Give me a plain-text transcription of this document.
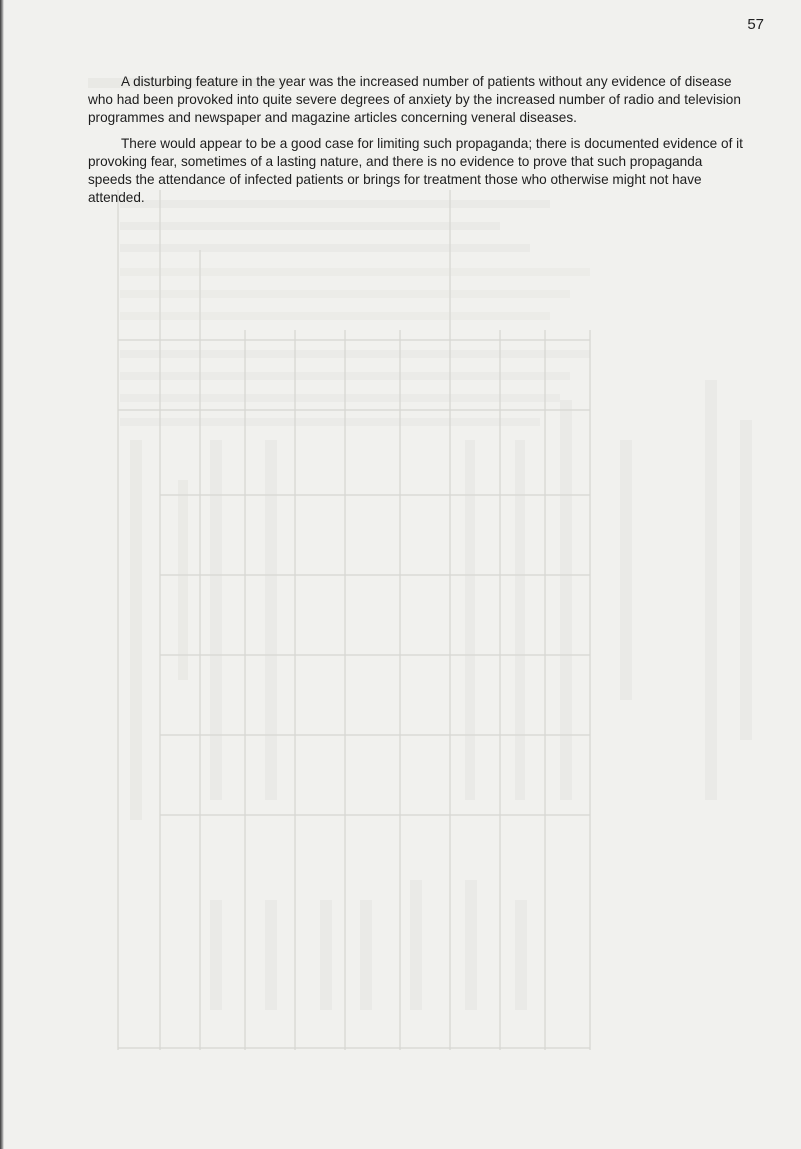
57

A disturbing feature in the year was the increased number of patients without any evidence of disease who had been provoked into quite severe degrees of anxiety by the increased number of radio and television programmes and newspaper and magazine articles concerning veneral diseases.

There would appear to be a good case for limiting such propaganda; there is documented evidence of it provoking fear, sometimes of a lasting nature, and there is no evidence to prove that such propaganda speeds the attendance of infected patients or brings for treatment those who otherwise might not have attended.
